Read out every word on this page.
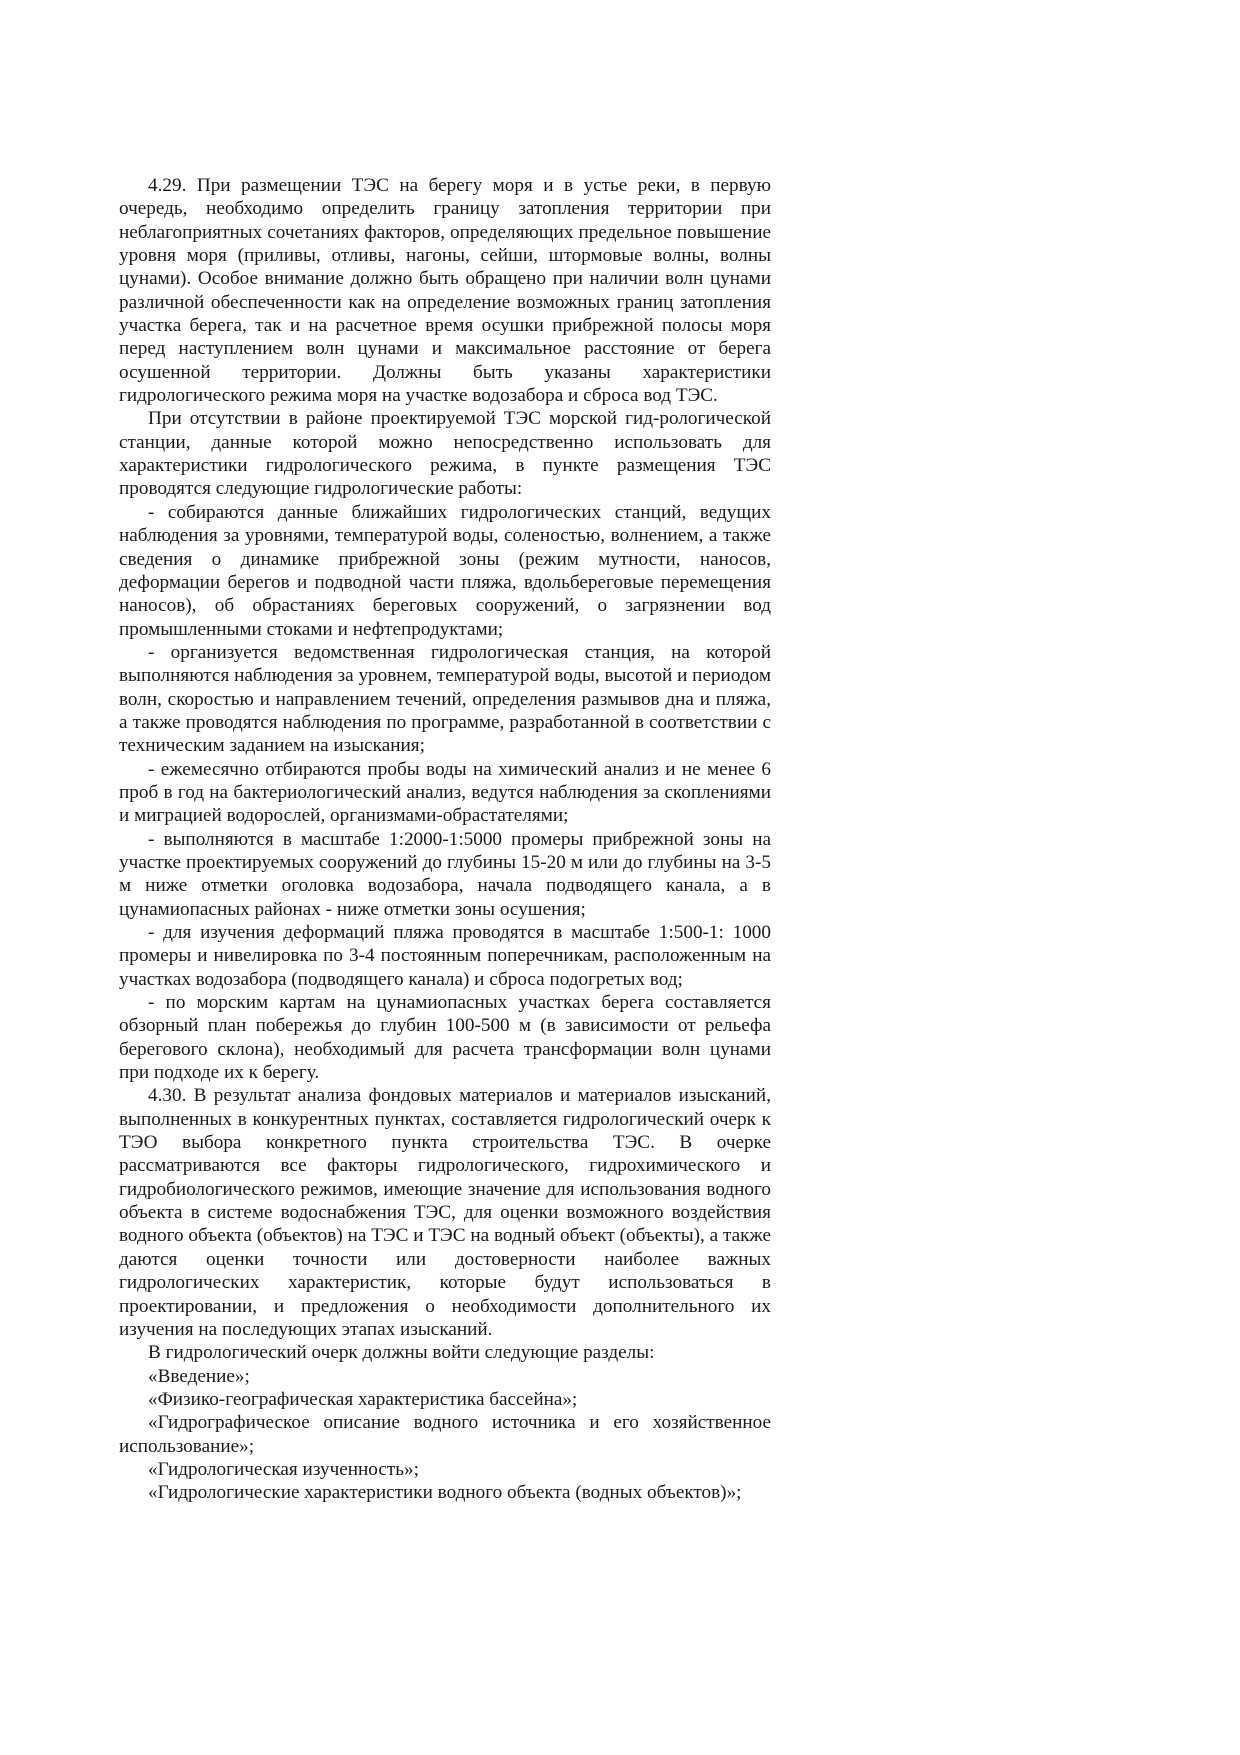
4.29. При размещении ТЭС на берегу моря и в устье реки, в первую очередь, необходимо определить границу затопления территории при неблагоприятных сочетаниях факторов, определяющих предельное повышение уровня моря (приливы, отливы, нагоны, сейши, штормовые волны, волны цунами). Особое внимание должно быть обращено при наличии волн цунами различной обеспеченности как на определение возможных границ затопления участка берега, так и на расчетное время осушки прибрежной полосы моря перед наступлением волн цунами и максимальное расстояние от берега осушенной территории. Должны быть указаны характеристики гидрологического режима моря на участке водозабора и сброса вод ТЭС.

При отсутствии в районе проектируемой ТЭС морской гид-рологической станции, данные которой можно непосредственно использовать для характеристики гидрологического режима, в пункте размещения ТЭС проводятся следующие гидрологические работы:

- собираются данные ближайших гидрологических станций, ведущих наблюдения за уровнями, температурой воды, соленостью, волнением, а также сведения о динамике прибрежной зоны (режим мутности, наносов, деформации берегов и подводной части пляжа, вдольбереговые перемещения наносов), об обрастаниях береговых сооружений, о загрязнении вод промышленными стоками и нефтепродуктами;

- организуется ведомственная гидрологическая станция, на которой выполняются наблюдения за уровнем, температурой воды, высотой и периодом волн, скоростью и направлением течений, определения размывов дна и пляжа, а также проводятся наблюдения по программе, разработанной в соответствии с техническим заданием на изыскания;

- ежемесячно отбираются пробы воды на химический анализ и не менее 6 проб в год на бактериологический анализ, ведутся наблюдения за скоплениями и миграцией водорослей, организмами-обрастателями;

- выполняются в масштабе 1:2000-1:5000 промеры прибрежной зоны на участке проектируемых сооружений до глубины 15-20 м или до глубины на 3-5 м ниже отметки оголовка водозабора, начала подводящего канала, а в цунамиопасных районах - ниже отметки зоны осушения;

- для изучения деформаций пляжа проводятся в масштабе 1:500-1: 1000 промеры и нивелировка по 3-4 постоянным поперечникам, расположенным на участках водозабора (подводящего канала) и сброса подогретых вод;

- по морским картам на цунамиопасных участках берега составляется обзорный план побережья до глубин 100-500 м (в зависимости от рельефа берегового склона), необходимый для расчета трансформации волн цунами при подходе их к берегу.

4.30. В результат анализа фондовых материалов и материалов изысканий, выполненных в конкурентных пунктах, составляется гидрологический очерк к ТЭО выбора конкретного пункта строительства ТЭС. В очерке рассматриваются все факторы гидрологического, гидрохимического и гидробиологического режимов, имеющие значение для использования водного объекта в системе водоснабжения ТЭС, для оценки возможного воздействия водного объекта (объектов) на ТЭС и ТЭС на водный объект (объекты), а также даются оценки точности или достоверности наиболее важных гидрологических характеристик, которые будут использоваться в проектировании, и предложения о необходимости дополнительного их изучения на последующих этапах изысканий.

В гидрологический очерк должны войти следующие разделы:

«Введение»;

«Физико-географическая характеристика бассейна»;

«Гидрографическое описание водного источника и его хозяйственное использование»;

«Гидрологическая изученность»;

«Гидрологические характеристики водного объекта (водных объектов)»;
